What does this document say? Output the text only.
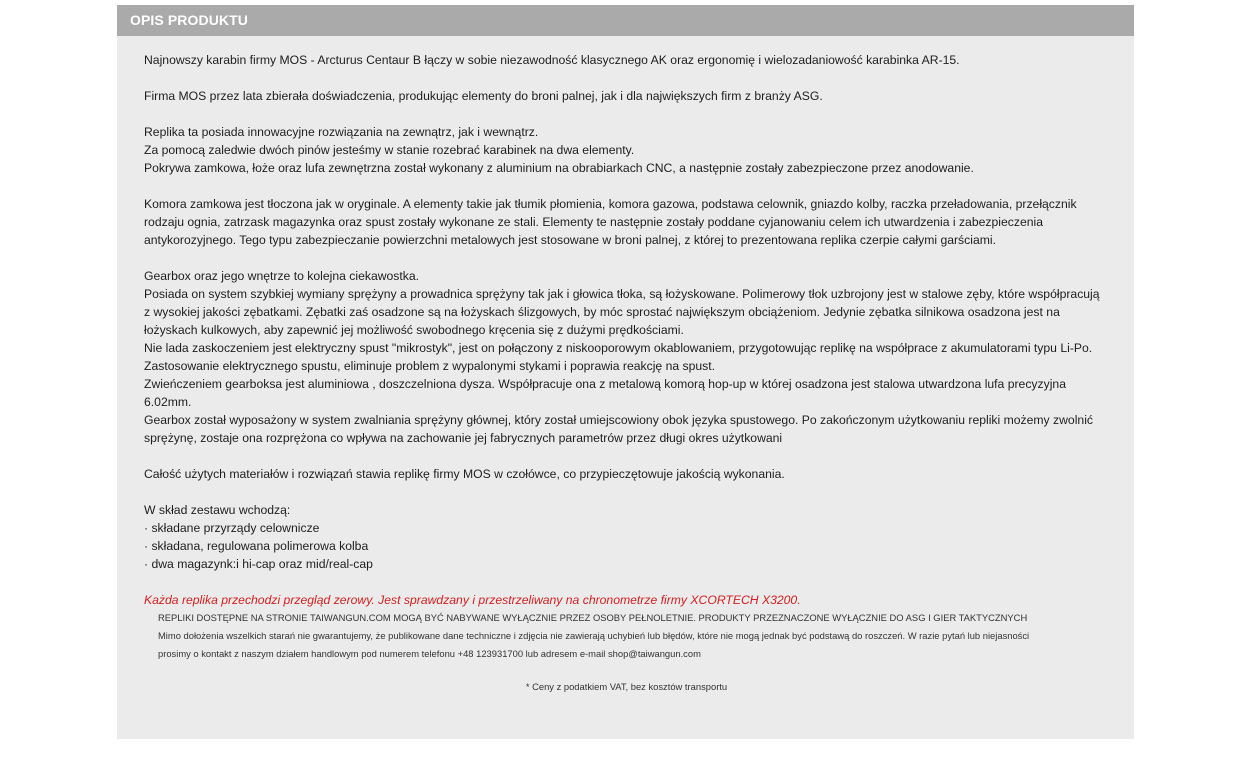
OPIS PRODUKTU

Najnowszy karabin firmy MOS - Arcturus Centaur B łączy w sobie niezawodność klasycznego AK oraz ergonomię i wielozadaniowość karabinka AR-15.

Firma MOS przez lata zbierała doświadczenia, produkując elementy do broni palnej, jak i dla największych firm z branży ASG.

Replika ta posiada innowacyjne rozwiązania na zewnątrz, jak i wewnątrz.

Za pomocą zaledwie dwóch pinów jesteśmy w stanie rozebrać karabinek na dwa elementy.

Pokrywa zamkowa, łoże oraz lufa zewnętrzna został wykonany z aluminium na obrabiarkach CNC, a następnie zostały zabezpieczone przez anodowanie.

Komora zamkowa jest tłoczona jak w oryginale. A elementy takie jak tłumik płomienia, komora gazowa, podstawa celownik, gniazdo kolby, raczka przeładowania, przełącznik rodzaju ognia, zatrzask magazynka oraz spust zostały wykonane ze stali. Elementy te następnie zostały poddane cyjanowaniu celem ich utwardzenia i zabezpieczenia antykorozyjnego. Tego typu zabezpieczanie powierzchni metalowych jest stosowane w broni palnej, z której to prezentowana replika czerpie całymi garściami.

Gearbox oraz jego wnętrze to kolejna ciekawostka.

Posiada on system szybkiej wymiany sprężyny a prowadnica sprężyny tak jak i głowica tłoka, są łożyskowane. Polimerowy tłok uzbrojony jest w stalowe zęby, które współpracują z wysokiej jakości zębatkami. Zębatki zaś osadzone są na łożyskach ślizgowych, by móc sprostać największym obciążeniom. Jedynie zębatka silnikowa osadzona jest na łożyskach kulkowych, aby zapewnić jej możliwość swobodnego kręcenia się z dużymi prędkościami.

Nie lada zaskoczeniem jest elektryczny spust "mikrostyk", jest on połączony z niskooporowym okablowaniem, przygotowując replikę na współprace z akumulatorami typu Li-Po.

Zastosowanie elektrycznego spustu, eliminuje problem z wypalonymi stykami i poprawia reakcję na spust.

Zwieńczeniem gearboksa jest aluminiowa , doszczelniona dysza. Współpracuje ona z metalową komorą hop-up w której osadzona jest stalowa utwardzona lufa precyzyjna 6.02mm.

Gearbox został wyposażony w system zwalniania sprężyny głównej, który został umiejscowiony obok języka spustowego. Po zakończonym użytkowaniu repliki możemy zwolnić sprężynę, zostaje ona rozprężona co wpływa na zachowanie jej fabrycznych parametrów przez długi okres użytkowani

Całość użytych materiałów i rozwiązań stawia replikę firmy MOS w czołówce, co przypieczętowuje jakością wykonania.

W skład zestawu wchodzą:

· składane przyrządy celownicze

· składana, regulowana polimerowa kolba

· dwa magazynk:i hi-cap oraz mid/real-cap

Każda replika przechodzi przegląd zerowy. Jest sprawdzany i przestrzeliwany na chronometrze firmy XCORTECH X3200.

REPLIKI DOSTĘPNE NA STRONIE TAIWANGUN.COM MOGĄ BYĆ NABYWANE WYŁĄCZNIE PRZEZ OSOBY PEŁNOLETNIE. PRODUKTY PRZEZNACZONE WYŁĄCZNIE DO ASG I GIER TAKTYCZNYCH

Mimo dołożenia wszelkich starań nie gwarantujemy, że publikowane dane techniczne i zdjęcia nie zawierają uchybień lub błędów, które nie mogą jednak być podstawą do roszczeń. W razie pytań lub niejasności

prosimy o kontakt z naszym działem handlowym pod numerem telefonu +48 123931700 lub adresem e-mail shop@taiwangun.com

* Ceny z podatkiem VAT, bez kosztów transportu
